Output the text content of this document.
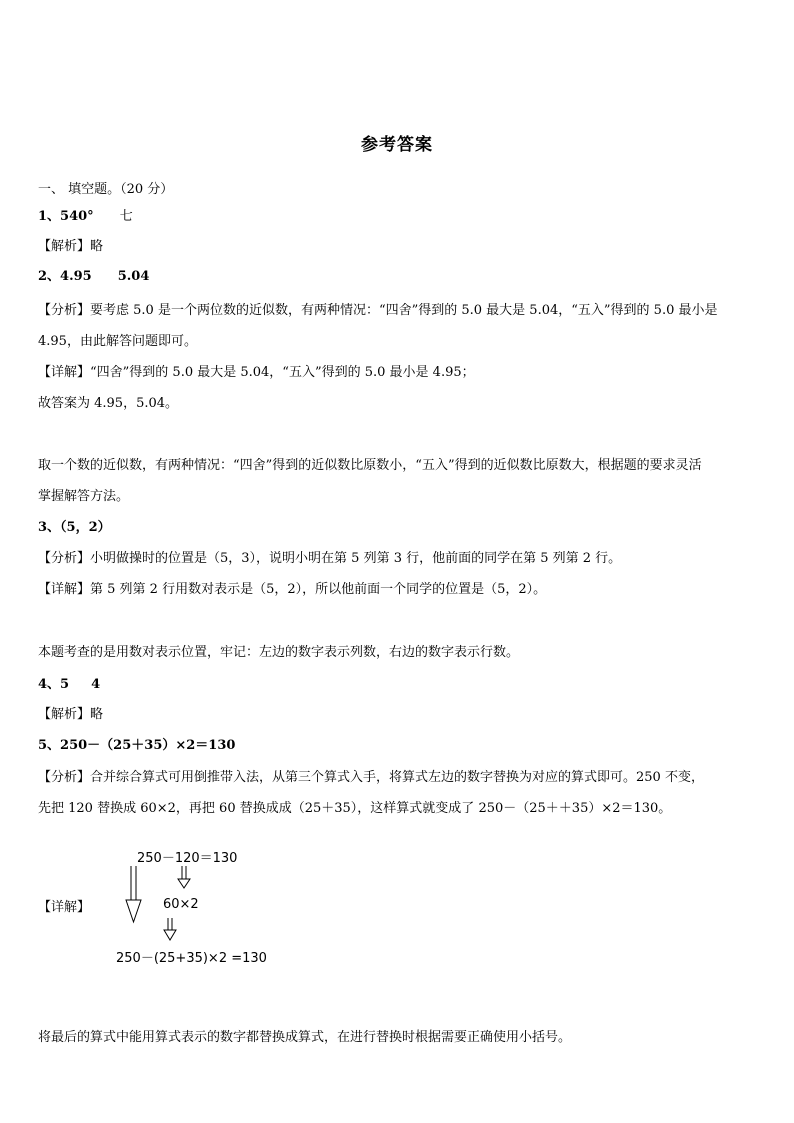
参考答案
一、 填空题。（20 分）
1、540° 七
【解析】略
2、4.95 5.04
【分析】要考虑 5.0 是一个两位数的近似数，有两种情况：“四舍”得到的 5.0 最大是 5.04，“五入”得到的 5.0 最小是
4.95，由此解答问题即可。
【详解】“四舍”得到的 5.0 最大是 5.04，“五入”得到的 5.0 最小是 4.95；
故答案为 4.95，5.04。
取一个数的近似数，有两种情况：“四舍”得到的近似数比原数小，“五入”得到的近似数比原数大，根据题的要求灵活
掌握解答方法。
3、（5，2）
【分析】小明做操时的位置是（5，3），说明小明在第 5 列第 3 行，他前面的同学在第 5 列第 2 行。
【详解】第 5 列第 2 行用数对表示是（5，2），所以他前面一个同学的位置是（5，2）。
本题考查的是用数对表示位置，牢记：左边的数字表示列数，右边的数字表示行数。
4、5 4
【解析】略
5、250－（25＋35）×2＝130
【分析】合并综合算式可用倒推带入法，从第三个算式入手，将算式左边的数字替换为对应的算式即可。250 不变，
先把 120 替换成 60×2，再把 60 替换成成（25＋35），这样算式就变成了 250－（25＋＋35）×2＝130。
【详解】
250－120＝130
60×2
250－(25+35)×2 =130
将最后的算式中能用算式表示的数字都替换成算式，在进行替换时根据需要正确使用小括号。
